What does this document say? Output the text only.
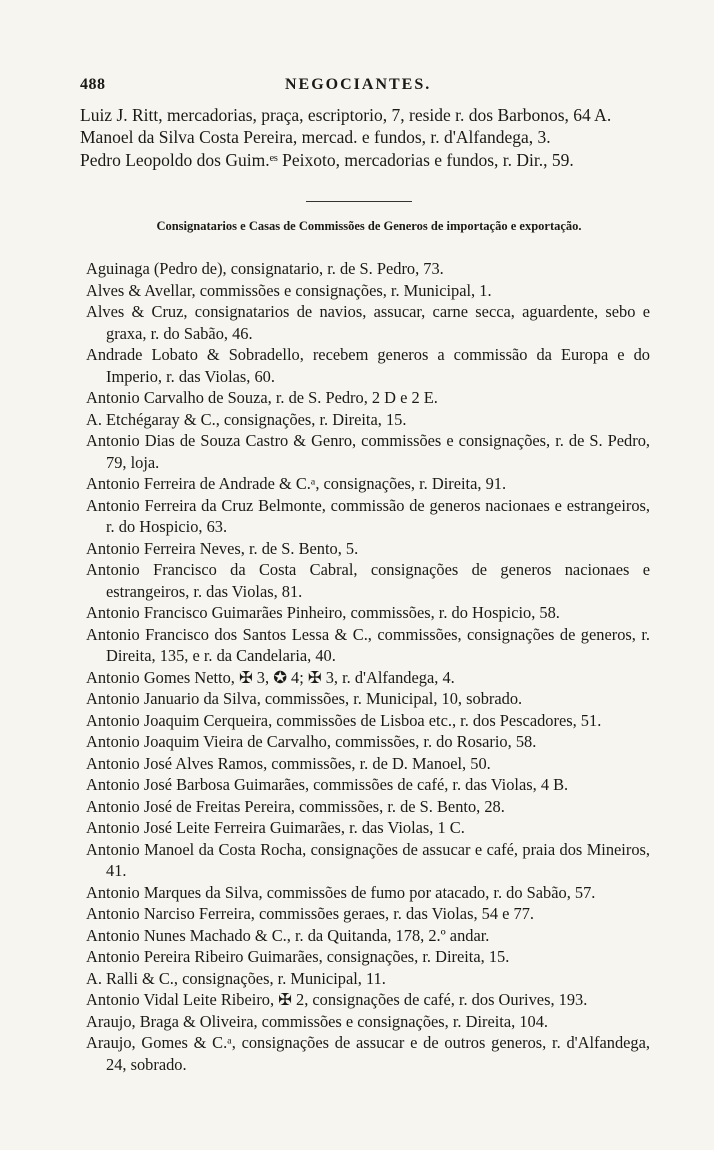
488	NEGOCIANTES.
Luiz J. Ritt, mercadorias, praça, escriptorio, 7, reside r. dos Barbonos, 64 A.
Manoel da Silva Costa Pereira, mercad. e fundos, r. d'Alfandega, 3.
Pedro Leopoldo dos Guim.ᵉˢ Peixoto, mercadorias e fundos, r. Dir., 59.
Consignatarios e Casas de Commissões de Generos de importação e exportação.
Aguinaga (Pedro de), consignatario, r. de S. Pedro, 73.
Alves & Avellar, commissões e consignações, r. Municipal, 1.
Alves & Cruz, consignatarios de navios, assucar, carne secca, aguardente, sebo e graxa, r. do Sabão, 46.
Andrade Lobato & Sobradello, recebem generos a commissão da Europa e do Imperio, r. das Violas, 60.
Antonio Carvalho de Souza, r. de S. Pedro, 2 D e 2 E.
A. Etchégaray & C., consignações, r. Direita, 15.
Antonio Dias de Souza Castro & Genro, commissões e consignações, r. de S. Pedro, 79, loja.
Antonio Ferreira de Andrade & C.ᵃ, consignações, r. Direita, 91.
Antonio Ferreira da Cruz Belmonte, commissão de generos nacionaes e estrangeiros, r. do Hospicio, 63.
Antonio Ferreira Neves, r. de S. Bento, 5.
Antonio Francisco da Costa Cabral, consignações de generos nacionaes e estrangeiros, r. das Violas, 81.
Antonio Francisco Guimarães Pinheiro, commissões, r. do Hospicio, 58.
Antonio Francisco dos Santos Lessa & C., commissões, consignações de generos, r. Direita, 135, e r. da Candelaria, 40.
Antonio Gomes Netto, ✠ 3, ✪ 4; ✠ 3, r. d'Alfandega, 4.
Antonio Januario da Silva, commissões, r. Municipal, 10, sobrado.
Antonio Joaquim Cerqueira, commissões de Lisboa etc., r. dos Pescadores, 51.
Antonio Joaquim Vieira de Carvalho, commissões, r. do Rosario, 58.
Antonio José Alves Ramos, commissões, r. de D. Manoel, 50.
Antonio José Barbosa Guimarães, commissões de café, r. das Violas, 4 B.
Antonio José de Freitas Pereira, commissões, r. de S. Bento, 28.
Antonio José Leite Ferreira Guimarães, r. das Violas, 1 C.
Antonio Manoel da Costa Rocha, consignações de assucar e café, praia dos Mineiros, 41.
Antonio Marques da Silva, commissões de fumo por atacado, r. do Sabão, 57.
Antonio Narciso Ferreira, commissões geraes, r. das Violas, 54 e 77.
Antonio Nunes Machado & C., r. da Quitanda, 178, 2.º andar.
Antonio Pereira Ribeiro Guimarães, consignações, r. Direita, 15.
A. Ralli & C., consignações, r. Municipal, 11.
Antonio Vidal Leite Ribeiro, ✠ 2, consignações de café, r. dos Ourives, 193.
Araujo, Braga & Oliveira, commissões e consignações, r. Direita, 104.
Araujo, Gomes & C.ᵃ, consignações de assucar e de outros generos, r. d'Alfandega, 24, sobrado.
